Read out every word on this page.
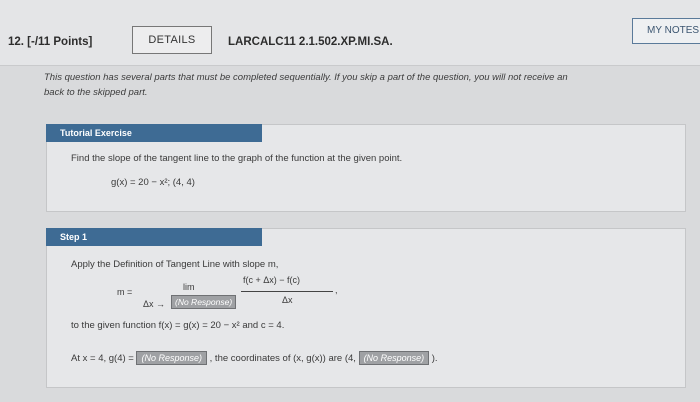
12. [-/11 Points]	DETAILS	LARCALC11 2.1.502.XP.MI.SA.
MY NOTES
This question has several parts that must be completed sequentially. If you skip a part of the question, you will not receive an
back to the skipped part.
Tutorial Exercise
Find the slope of the tangent line to the graph of the function at the given point.
g(x) = 20 − x²; (4, 4)
Step 1
Apply the Definition of Tangent Line with slope m,
m =	lim
Δx →	(No Response)
f(c + Δx) − f(c)
Δx
,
to the given function f(x) = g(x) = 20 − x² and c = 4.
At x = 4, g(4) = (No Response) , the coordinates of (x, g(x)) are (4, (No Response) ).
